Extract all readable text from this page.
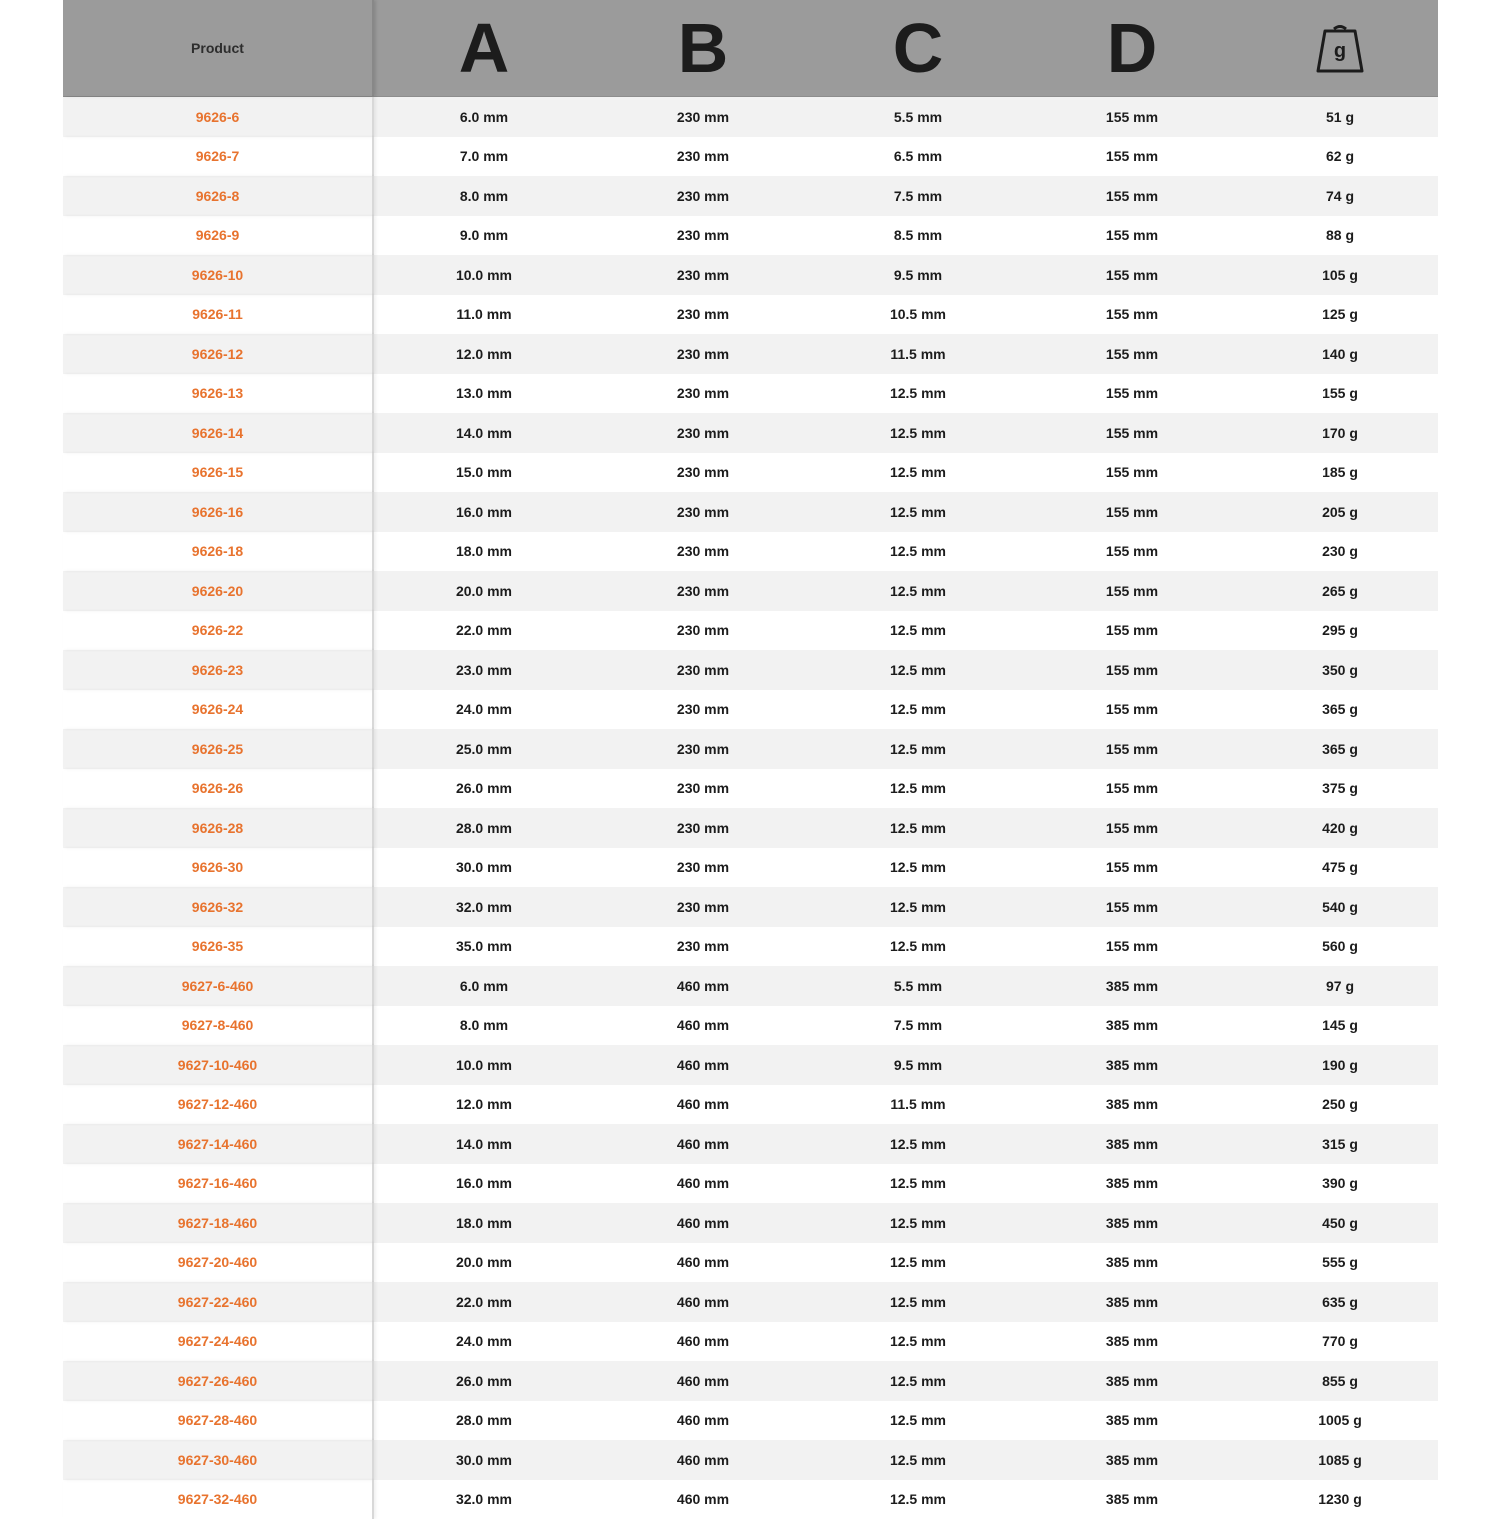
Product	A	B	C	D	g
9626-6	6.0 mm	230 mm	5.5 mm	155 mm	51 g
9626-7	7.0 mm	230 mm	6.5 mm	155 mm	62 g
9626-8	8.0 mm	230 mm	7.5 mm	155 mm	74 g
9626-9	9.0 mm	230 mm	8.5 mm	155 mm	88 g
9626-10	10.0 mm	230 mm	9.5 mm	155 mm	105 g
9626-11	11.0 mm	230 mm	10.5 mm	155 mm	125 g
9626-12	12.0 mm	230 mm	11.5 mm	155 mm	140 g
9626-13	13.0 mm	230 mm	12.5 mm	155 mm	155 g
9626-14	14.0 mm	230 mm	12.5 mm	155 mm	170 g
9626-15	15.0 mm	230 mm	12.5 mm	155 mm	185 g
9626-16	16.0 mm	230 mm	12.5 mm	155 mm	205 g
9626-18	18.0 mm	230 mm	12.5 mm	155 mm	230 g
9626-20	20.0 mm	230 mm	12.5 mm	155 mm	265 g
9626-22	22.0 mm	230 mm	12.5 mm	155 mm	295 g
9626-23	23.0 mm	230 mm	12.5 mm	155 mm	350 g
9626-24	24.0 mm	230 mm	12.5 mm	155 mm	365 g
9626-25	25.0 mm	230 mm	12.5 mm	155 mm	365 g
9626-26	26.0 mm	230 mm	12.5 mm	155 mm	375 g
9626-28	28.0 mm	230 mm	12.5 mm	155 mm	420 g
9626-30	30.0 mm	230 mm	12.5 mm	155 mm	475 g
9626-32	32.0 mm	230 mm	12.5 mm	155 mm	540 g
9626-35	35.0 mm	230 mm	12.5 mm	155 mm	560 g
9627-6-460	6.0 mm	460 mm	5.5 mm	385 mm	97 g
9627-8-460	8.0 mm	460 mm	7.5 mm	385 mm	145 g
9627-10-460	10.0 mm	460 mm	9.5 mm	385 mm	190 g
9627-12-460	12.0 mm	460 mm	11.5 mm	385 mm	250 g
9627-14-460	14.0 mm	460 mm	12.5 mm	385 mm	315 g
9627-16-460	16.0 mm	460 mm	12.5 mm	385 mm	390 g
9627-18-460	18.0 mm	460 mm	12.5 mm	385 mm	450 g
9627-20-460	20.0 mm	460 mm	12.5 mm	385 mm	555 g
9627-22-460	22.0 mm	460 mm	12.5 mm	385 mm	635 g
9627-24-460	24.0 mm	460 mm	12.5 mm	385 mm	770 g
9627-26-460	26.0 mm	460 mm	12.5 mm	385 mm	855 g
9627-28-460	28.0 mm	460 mm	12.5 mm	385 mm	1005 g
9627-30-460	30.0 mm	460 mm	12.5 mm	385 mm	1085 g
9627-32-460	32.0 mm	460 mm	12.5 mm	385 mm	1230 g
